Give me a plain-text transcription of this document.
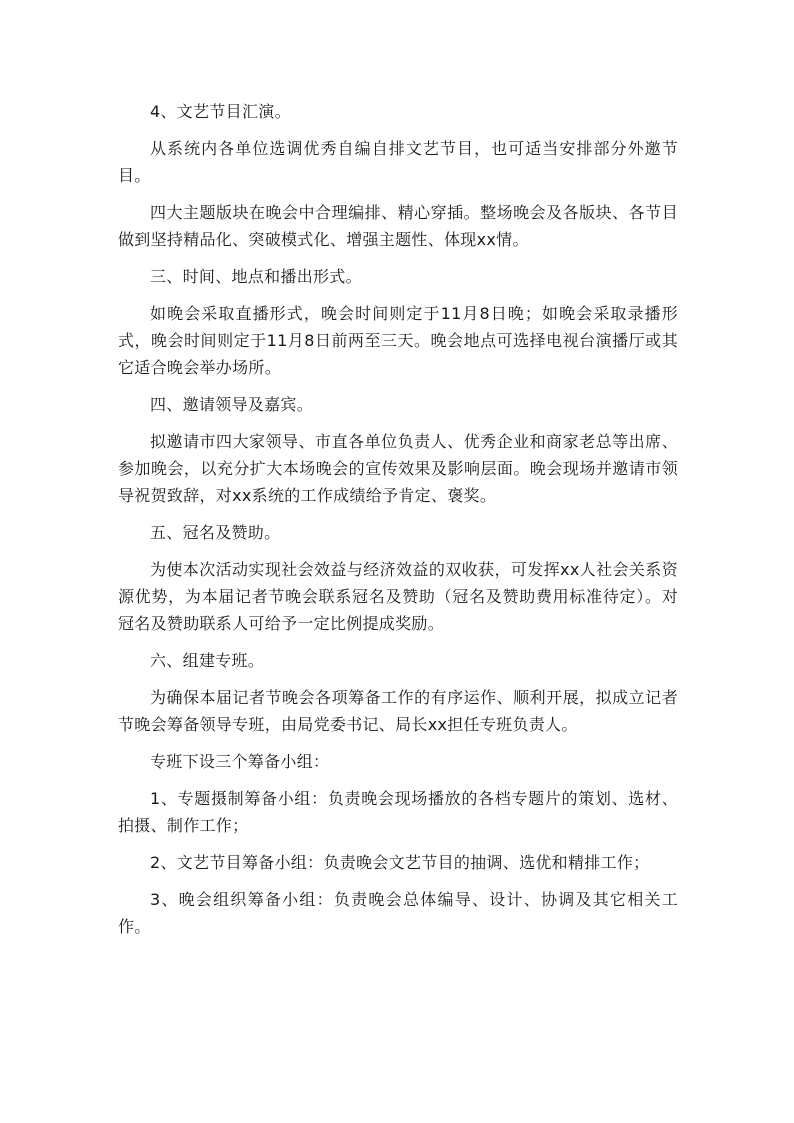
4、文艺节目汇演。

从系统内各单位选调优秀自编自排文艺节目，也可适当安排部分外邀节目。

四大主题版块在晚会中合理编排、精心穿插。整场晚会及各版块、各节目做到坚持精品化、突破模式化、增强主题性、体现xx情。

三、时间、地点和播出形式。

如晚会采取直播形式，晚会时间则定于11月8日晚；如晚会采取录播形式，晚会时间则定于11月8日前两至三天。晚会地点可选择电视台演播厅或其它适合晚会举办场所。

四、邀请领导及嘉宾。

拟邀请市四大家领导、市直各单位负责人、优秀企业和商家老总等出席、参加晚会，以充分扩大本场晚会的宣传效果及影响层面。晚会现场并邀请市领导祝贺致辞，对xx系统的工作成绩给予肯定、褒奖。

五、冠名及赞助。

为使本次活动实现社会效益与经济效益的双收获，可发挥xx人社会关系资源优势，为本届记者节晚会联系冠名及赞助（冠名及赞助费用标准待定）。对冠名及赞助联系人可给予一定比例提成奖励。

六、组建专班。

为确保本届记者节晚会各项筹备工作的有序运作、顺利开展，拟成立记者节晚会筹备领导专班，由局党委书记、局长xx担任专班负责人。

专班下设三个筹备小组：

1、专题摄制筹备小组：负责晚会现场播放的各档专题片的策划、选材、拍摄、制作工作；

2、文艺节目筹备小组：负责晚会文艺节目的抽调、选优和精排工作；

3、晚会组织筹备小组：负责晚会总体编导、设计、协调及其它相关工作。
